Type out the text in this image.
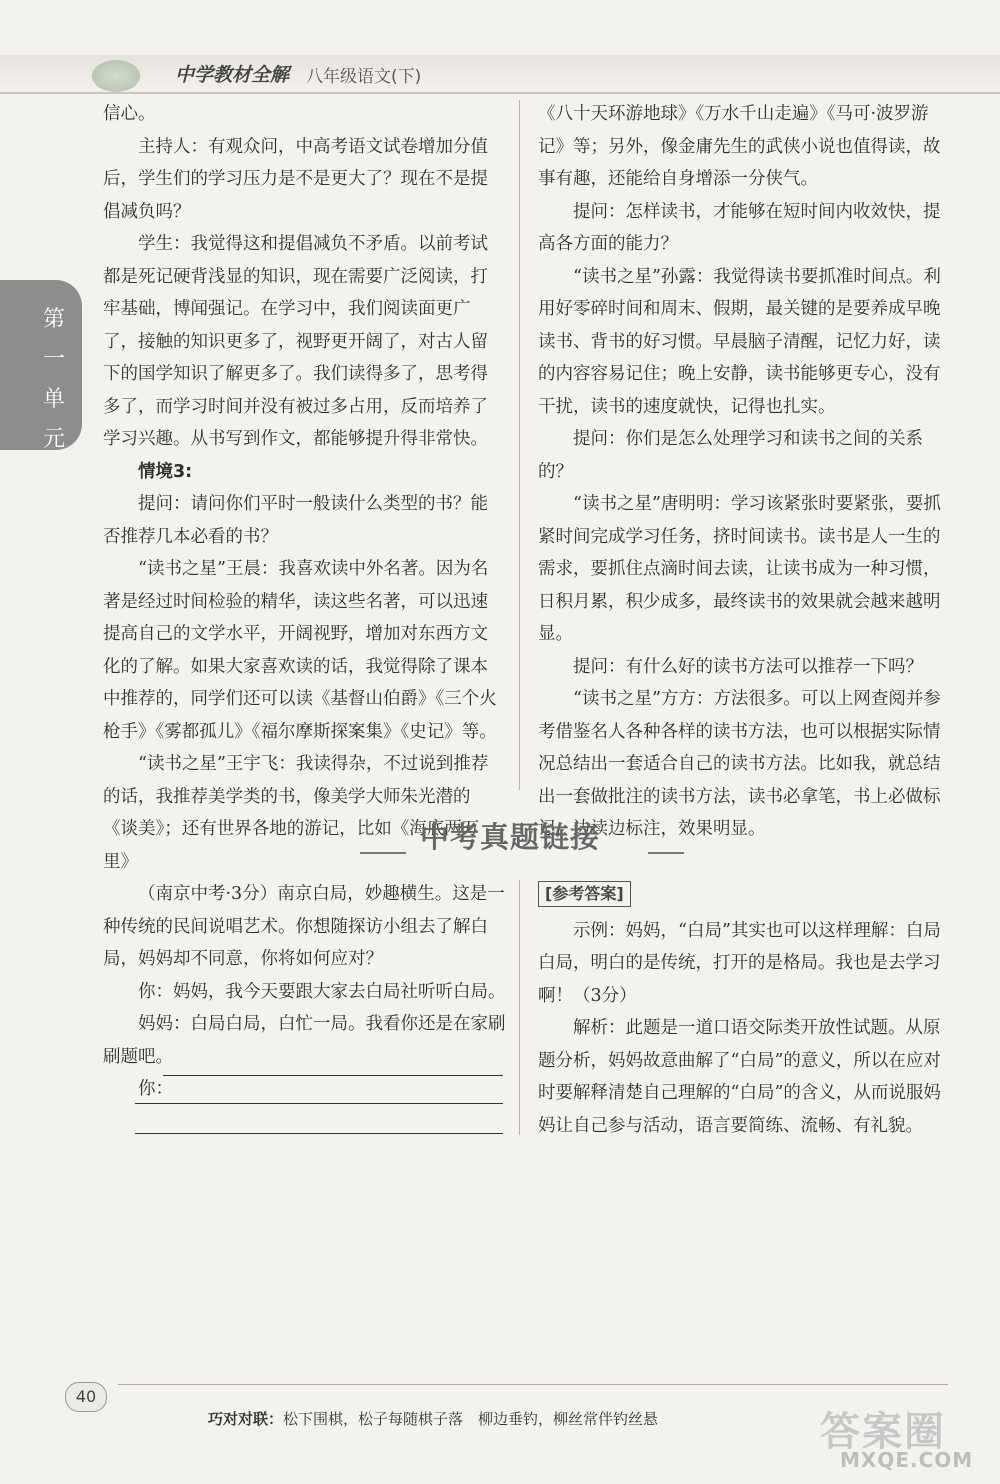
中学教材全解 八年级语文(下)
第一单元

信心。

主持人：有观众问，中高考语文试卷增加分值后，学生们的学习压力是不是更大了？现在不是提倡减负吗？

学生：我觉得这和提倡减负不矛盾。以前考试都是死记硬背浅显的知识，现在需要广泛阅读，打牢基础，博闻强记。在学习中，我们阅读面更广了，接触的知识更多了，视野更开阔了，对古人留下的国学知识了解更多了。我们读得多了，思考得多了，而学习时间并没有被过多占用，反而培养了学习兴趣。从书写到作文，都能够提升得非常快。

情境3:

提问：请问你们平时一般读什么类型的书？能否推荐几本必看的书？

“读书之星”王晨：我喜欢读中外名著。因为名著是经过时间检验的精华，读这些名著，可以迅速提高自己的文学水平，开阔视野，增加对东西方文化的了解。如果大家喜欢读的话，我觉得除了课本中推荐的，同学们还可以读《基督山伯爵》《三个火枪手》《雾都孤儿》《福尔摩斯探案集》《史记》等。

“读书之星”王宇飞：我读得杂，不过说到推荐的话，我推荐美学类的书，像美学大师朱光潜的《谈美》；还有世界各地的游记，比如《海底两万里》

《八十天环游地球》《万水千山走遍》《马可·波罗游记》等；另外，像金庸先生的武侠小说也值得读，故事有趣，还能给自身增添一分侠气。

提问：怎样读书，才能够在短时间内收效快，提高各方面的能力？

“读书之星”孙露：我觉得读书要抓准时间点。利用好零碎时间和周末、假期，最关键的是要养成早晚读书、背书的好习惯。早晨脑子清醒，记忆力好，读的内容容易记住；晚上安静，读书能够更专心，没有干扰，读书的速度就快，记得也扎实。

提问：你们是怎么处理学习和读书之间的关系的？

“读书之星”唐明明：学习该紧张时要紧张，要抓紧时间完成学习任务，挤时间读书。读书是人一生的需求，要抓住点滴时间去读，让读书成为一种习惯，日积月累，积少成多，最终读书的效果就会越来越明显。

提问：有什么好的读书方法可以推荐一下吗？

“读书之星”方方：方法很多。可以上网查阅并参考借鉴名人各种各样的读书方法，也可以根据实际情况总结出一套适合自己的读书方法。比如我，就总结出一套做批注的读书方法，读书必拿笔，书上必做标记，边读边标注，效果明显。

中考真题链接

（南京中考·3分）南京白局，妙趣横生。这是一种传统的民间说唱艺术。你想随探访小组去了解白局，妈妈却不同意，你将如何应对？

你：妈妈，我今天要跟大家去白局社听听白局。

妈妈：白局白局，白忙一局。我看你还是在家刷刷题吧。

你：

[参考答案]

示例：妈妈，“白局”其实也可以这样理解：白局白局，明白的是传统，打开的是格局。我也是去学习啊！（3分）

解析：此题是一道口语交际类开放性试题。从原题分析，妈妈故意曲解了“白局”的意义，所以在应对时要解释清楚自己理解的“白局”的含义，从而说服妈妈让自己参与活动，语言要简练、流畅、有礼貌。

40
巧对对联：松下围棋，松子每随棋子落　柳边垂钓，柳丝常伴钓丝悬	答案圈
MXQE.COM
